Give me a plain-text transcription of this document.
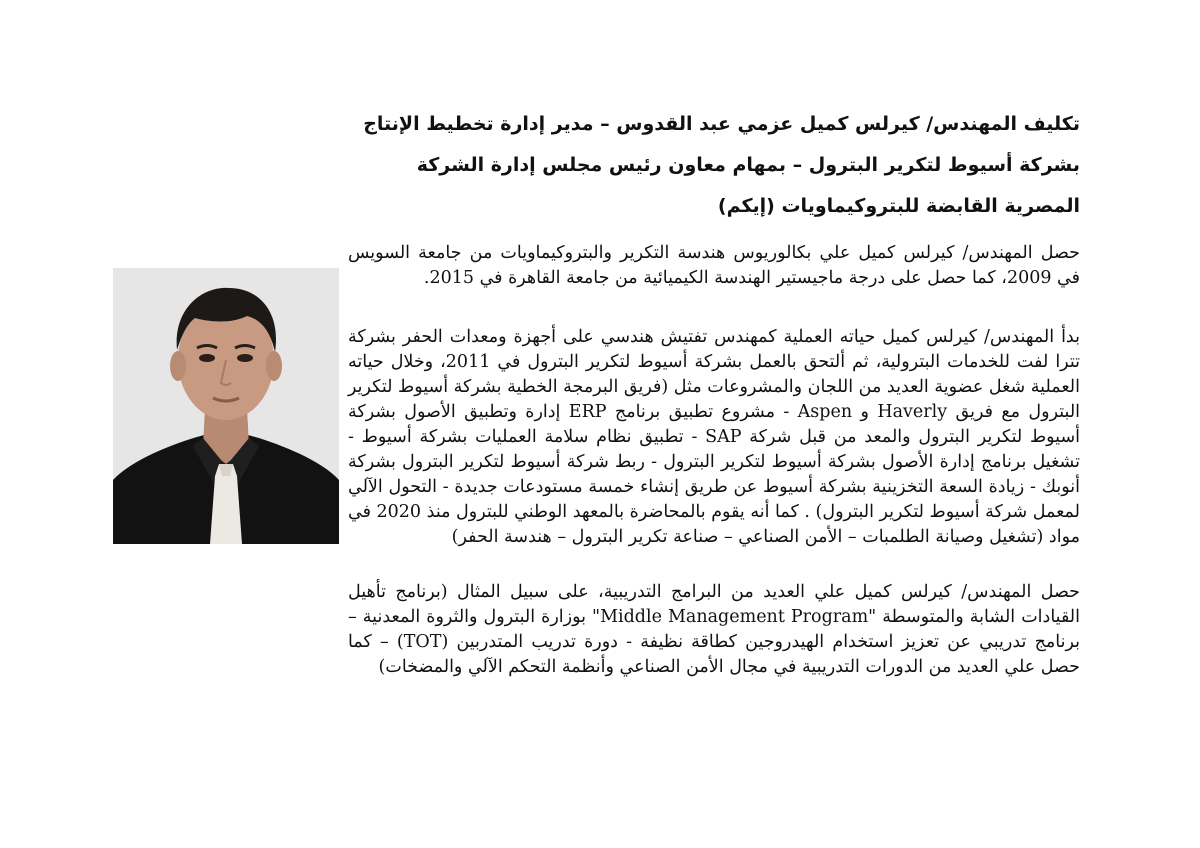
تكليف المهندس/ كيرلس كميل عزمي عبد القدوس – مدير إدارة تخطيط الإنتاج بشركة أسيوط لتكرير البترول – بمهام معاون رئيس مجلس إدارة الشركة المصرية القابضة للبتروكيماويات (إيكم)

حصل المهندس/ كيرلس كميل علي بكالوريوس هندسة التكرير والبتروكيماويات من جامعة السويس في 2009، كما حصل على درجة ماجيستير الهندسة الكيميائية من جامعة القاهرة في 2015.

بدأ المهندس/ كيرلس كميل حياته العملية كمهندس تفتيش هندسي على أجهزة ومعدات الحفر بشركة تترا لفت للخدمات البترولية، ثم ألتحق بالعمل بشركة أسيوط لتكرير البترول في 2011، وخلال حياته العملية شغل عضوية العديد من اللجان والمشروعات مثل (فريق البرمجة الخطية بشركة أسيوط لتكرير البترول مع فريق Haverly و Aspen - مشروع تطبيق برنامج ERP إدارة وتطبيق الأصول بشركة أسيوط لتكرير البترول والمعد من قبل شركة SAP - تطبيق نظام سلامة العمليات بشركة أسيوط - تشغيل برنامج إدارة الأصول بشركة أسيوط لتكرير البترول - ربط شركة أسيوط لتكرير البترول بشركة أنوبك - زيادة السعة التخزينية بشركة أسيوط عن طريق إنشاء خمسة مستودعات جديدة - التحول الآلي لمعمل شركة أسيوط لتكرير البترول) . كما أنه يقوم بالمحاضرة بالمعهد الوطني للبترول منذ 2020 في مواد (تشغيل وصيانة الطلمبات – الأمن الصناعي – صناعة تكرير البترول – هندسة الحفر)

حصل المهندس/ كيرلس كميل علي العديد من البرامج التدريبية، على سبيل المثال (برنامج تأهيل القيادات الشابة والمتوسطة "Middle Management Program" بوزارة البترول والثروة المعدنية – برنامج تدريبي عن تعزيز استخدام الهيدروجين كطاقة نظيفة - دورة تدريب المتدربين (TOT) – كما حصل علي العديد من الدورات التدريبية في مجال الأمن الصناعي وأنظمة التحكم الآلي والمضخات)
